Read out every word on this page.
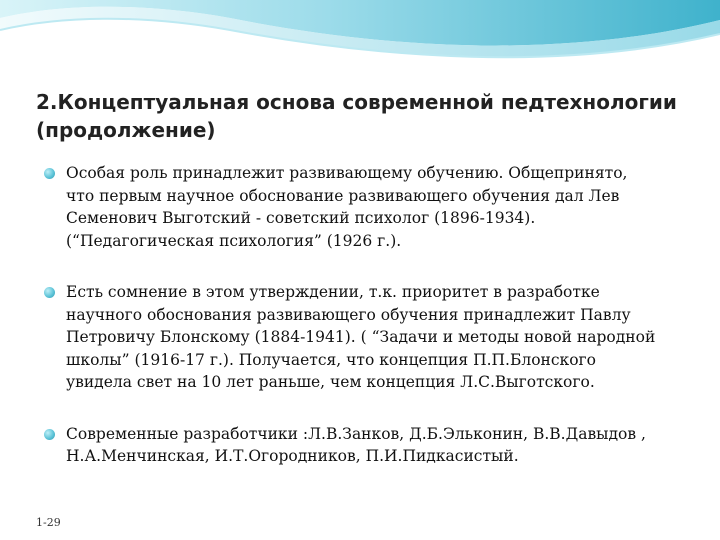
2.Концептуальная основа современной педтехнологии
(продолжение)
Особая роль принадлежит развивающему обучению. Общепринято,
что первым научное обоснование развивающего обучения дал Лев
Семенович Выготский - советский психолог (1896-1934).
(“Педагогическая психология” (1926 г.).
Есть сомнение в этом утверждении, т.к. приоритет в разработке
научного обоснования развивающего обучения принадлежит Павлу
Петровичу Блонскому (1884-1941). ( “Задачи и методы новой народной
школы” (1916-17 г.). Получается, что концепция П.П.Блонского
увидела свет на 10 лет раньше, чем концепция Л.С.Выготского.
Современные разработчики :Л.В.Занков, Д.Б.Эльконин, В.В.Давыдов ,
Н.А.Менчинская, И.Т.Огородников, П.И.Пидкасистый.
1-29
